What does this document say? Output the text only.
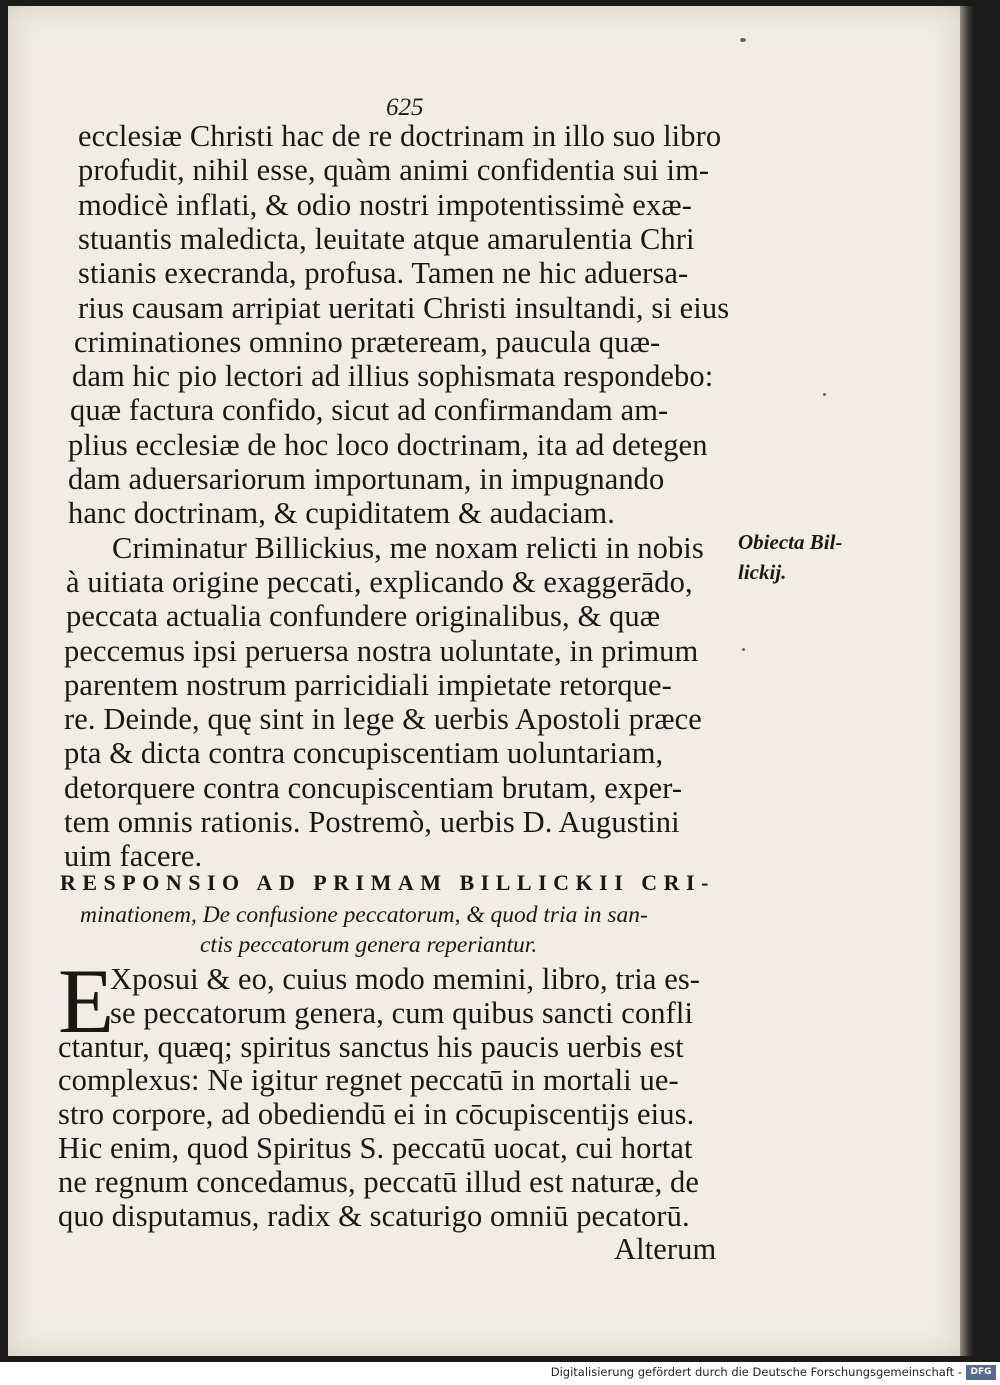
625
ecclesiæ Christi hac de re doctrinam in illo suo libro
profudit, nihil esse, quàm animi confidentia sui im-
modicè inflati, & odio nostri impotentissimè exæ-
stuantis maledicta, leuitate atque amarulentia Chri
stianis execranda, profusa. Tamen ne hic aduersa-
rius causam arripiat ueritati Christi insultandi, si eius
criminationes omnino præteream, paucula quæ-
dam hic pio lectori ad illius sophismata respondebo:
quæ factura confido, sicut ad confirmandam am-
plius ecclesiæ de hoc loco doctrinam, ita ad detegen
dam aduersariorum importunam, in impugnando
hanc doctrinam, & cupiditatem & audaciam.
Criminatur Billickius, me noxam relicti in nobis
à uitiata origine peccati, explicando & exaggerādo,
peccata actualia confundere originalibus, & quæ
peccemus ipsi peruersa nostra uoluntate, in primum
parentem nostrum parricidiali impietate retorque-
re. Deinde, quę sint in lege & uerbis Apostoli præce
pta & dicta contra concupiscentiam uoluntariam,
detorquere contra concupiscentiam brutam, exper-
tem omnis rationis. Postremò, uerbis D. Augustini
uim facere.
Xposui & eo, cuius modo memini, libro, tria es-
se peccatorum genera, cum quibus sancti confli
ctantur, quæq; spiritus sanctus his paucis uerbis est
complexus: Ne igitur regnet peccatū in mortali ue-
stro corpore, ad obediendū ei in cōcupiscentijs eius.
Hic enim, quod Spiritus S. peccatū uocat, cui hortat
ne regnum concedamus, peccatū illud est naturæ, de
quo disputamus, radix & scaturigo omniū pecatorū.
Alterum
Obiecta Bil-
lickij.
RESPONSIO AD PRIMAM BILLICKII CRI-
minationem, De confusione peccatorum, & quod tria in san-
ctis peccatorum genera reperiantur.
E
Digitalisierung gefördert durch die Deutsche Forschungsgemeinschaft - DFG
